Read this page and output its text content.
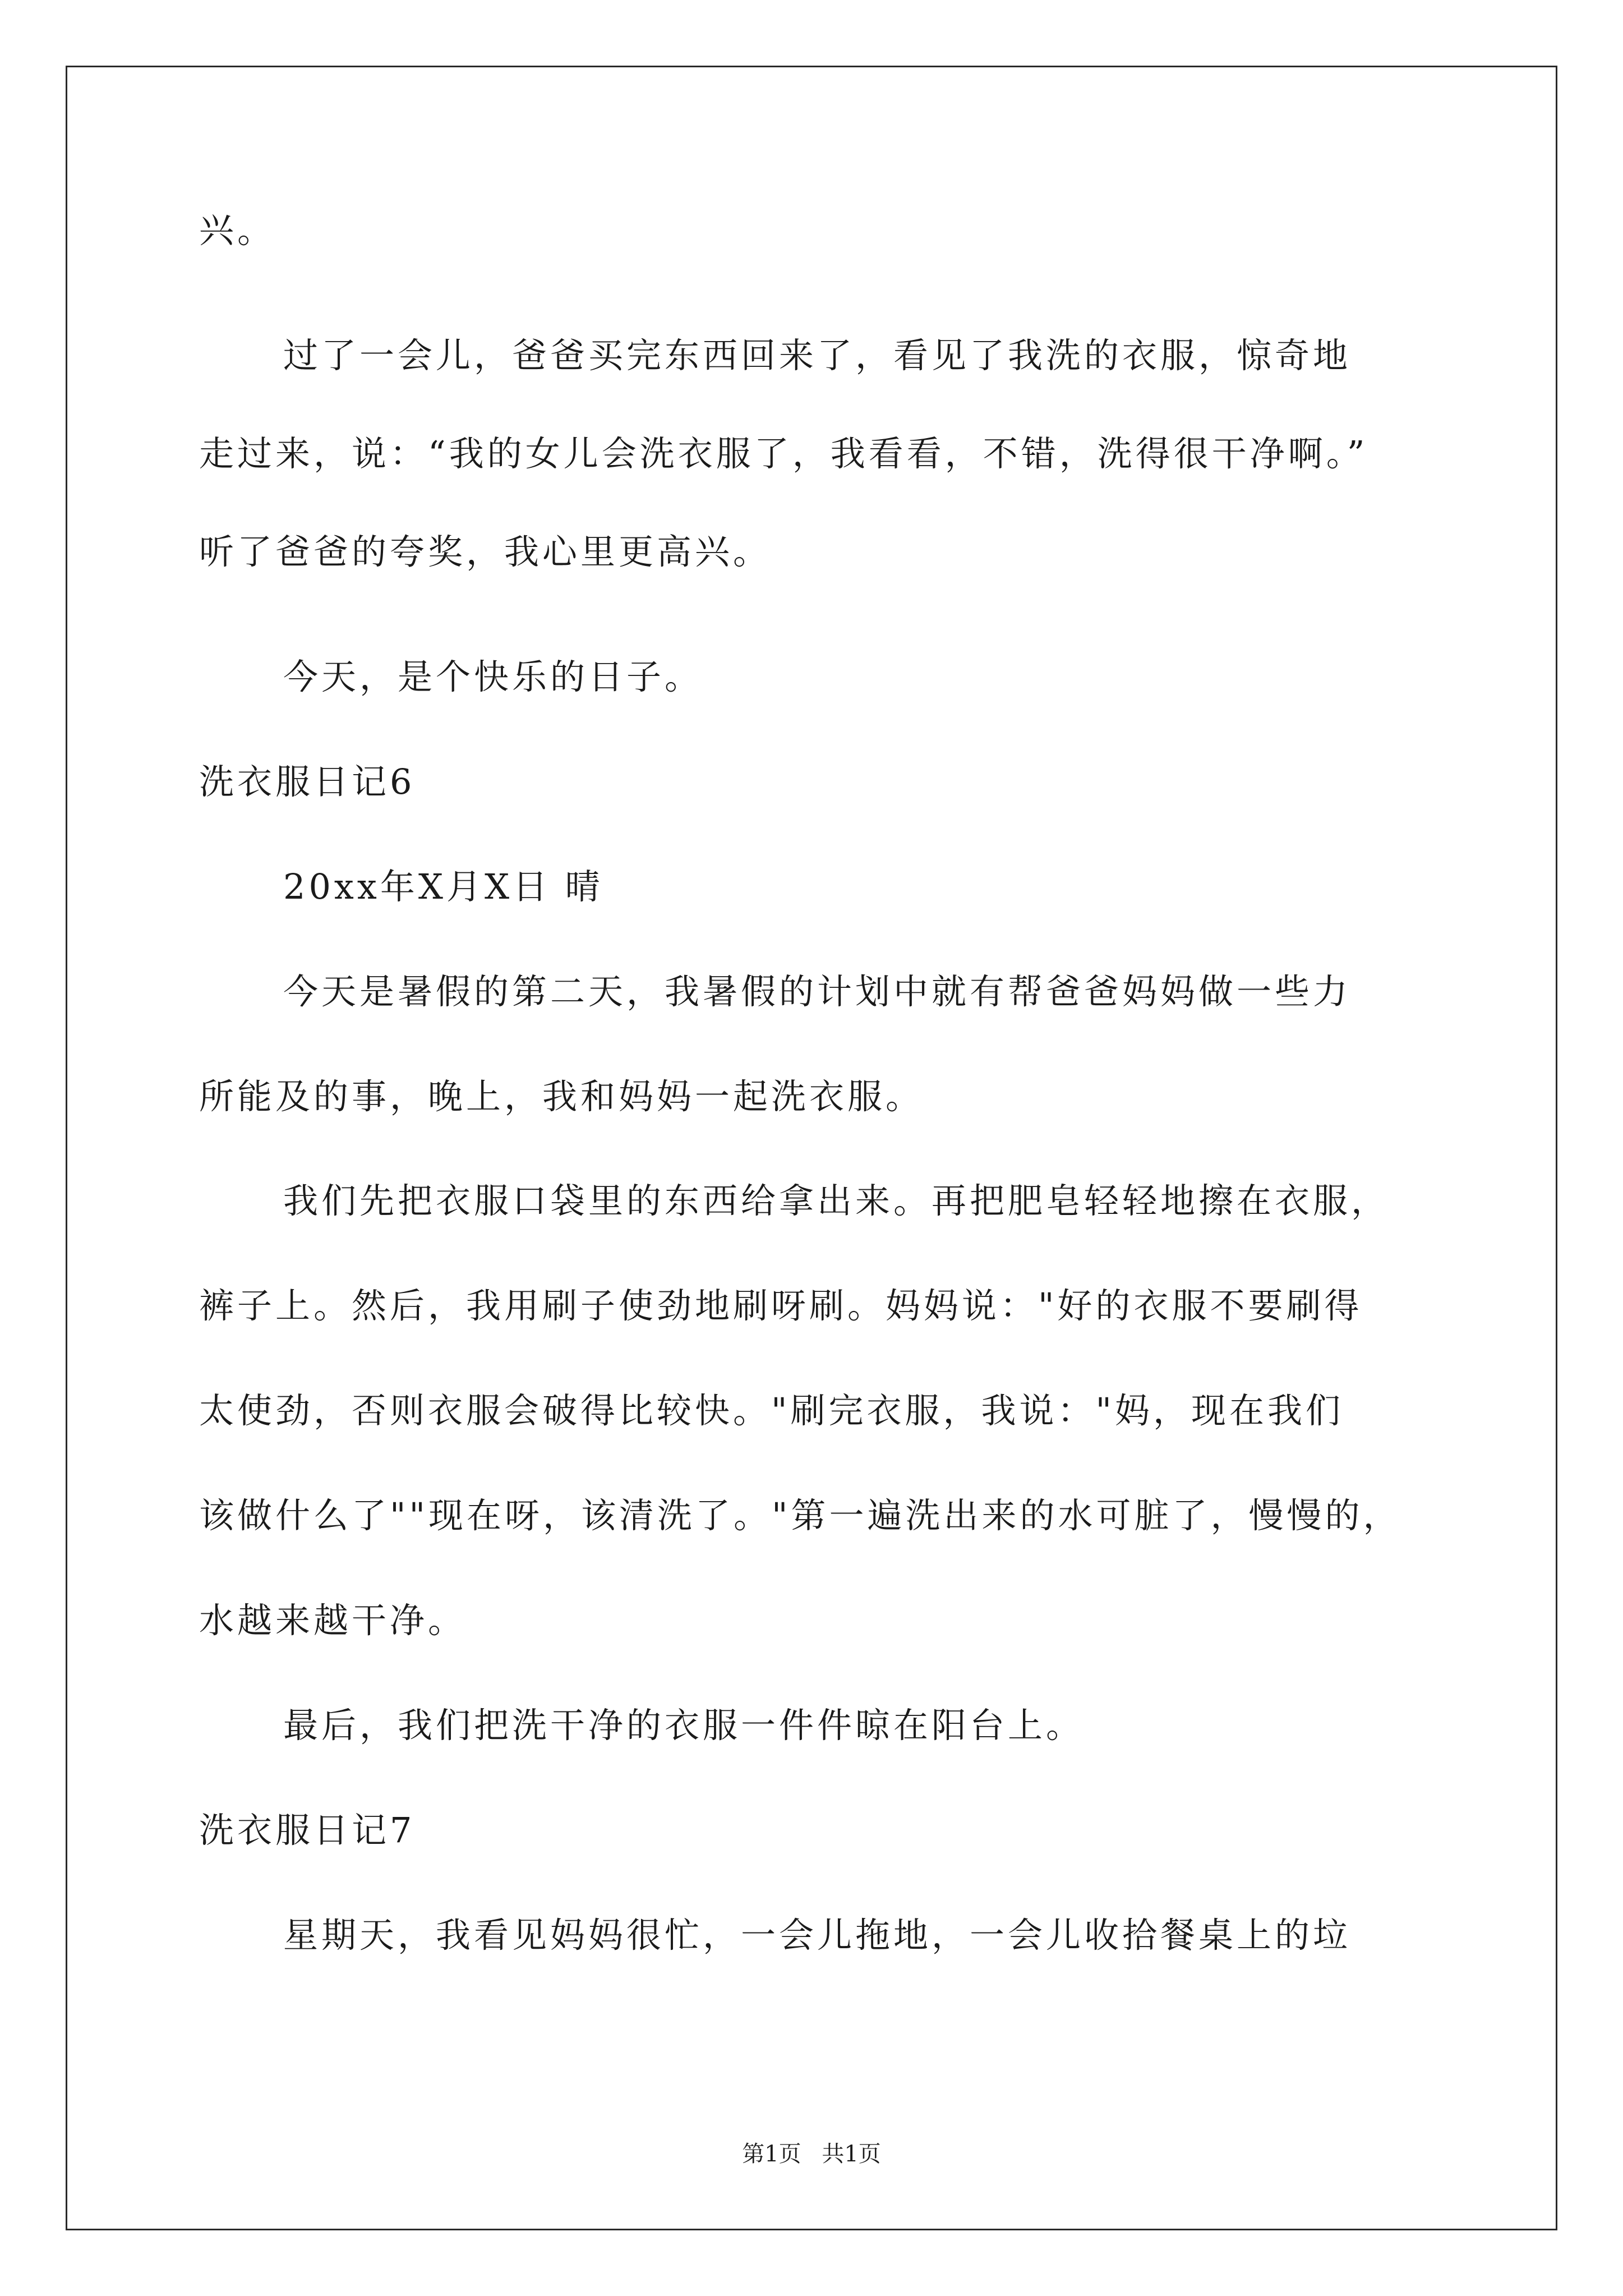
兴。
过了一会儿，爸爸买完东西回来了，看见了我洗的衣服，惊奇地
走过来，说：“我的女儿会洗衣服了，我看看，不错，洗得很干净啊。”
听了爸爸的夸奖，我心里更高兴。
今天，是个快乐的日子。
洗衣服日记6
20xx年X月X日 晴
今天是暑假的第二天，我暑假的计划中就有帮爸爸妈妈做一些力
所能及的事，晚上，我和妈妈一起洗衣服。
我们先把衣服口袋里的东西给拿出来。再把肥皂轻轻地擦在衣服，
裤子上。然后，我用刷子使劲地刷呀刷。妈妈说："好的衣服不要刷得
太使劲，否则衣服会破得比较快。"刷完衣服，我说："妈，现在我们
该做什么了""现在呀，该清洗了。"第一遍洗出来的水可脏了，慢慢的，
水越来越干净。
最后，我们把洗干净的衣服一件件晾在阳台上。
洗衣服日记7
星期天，我看见妈妈很忙，一会儿拖地，一会儿收拾餐桌上的垃
第1页 共1页
